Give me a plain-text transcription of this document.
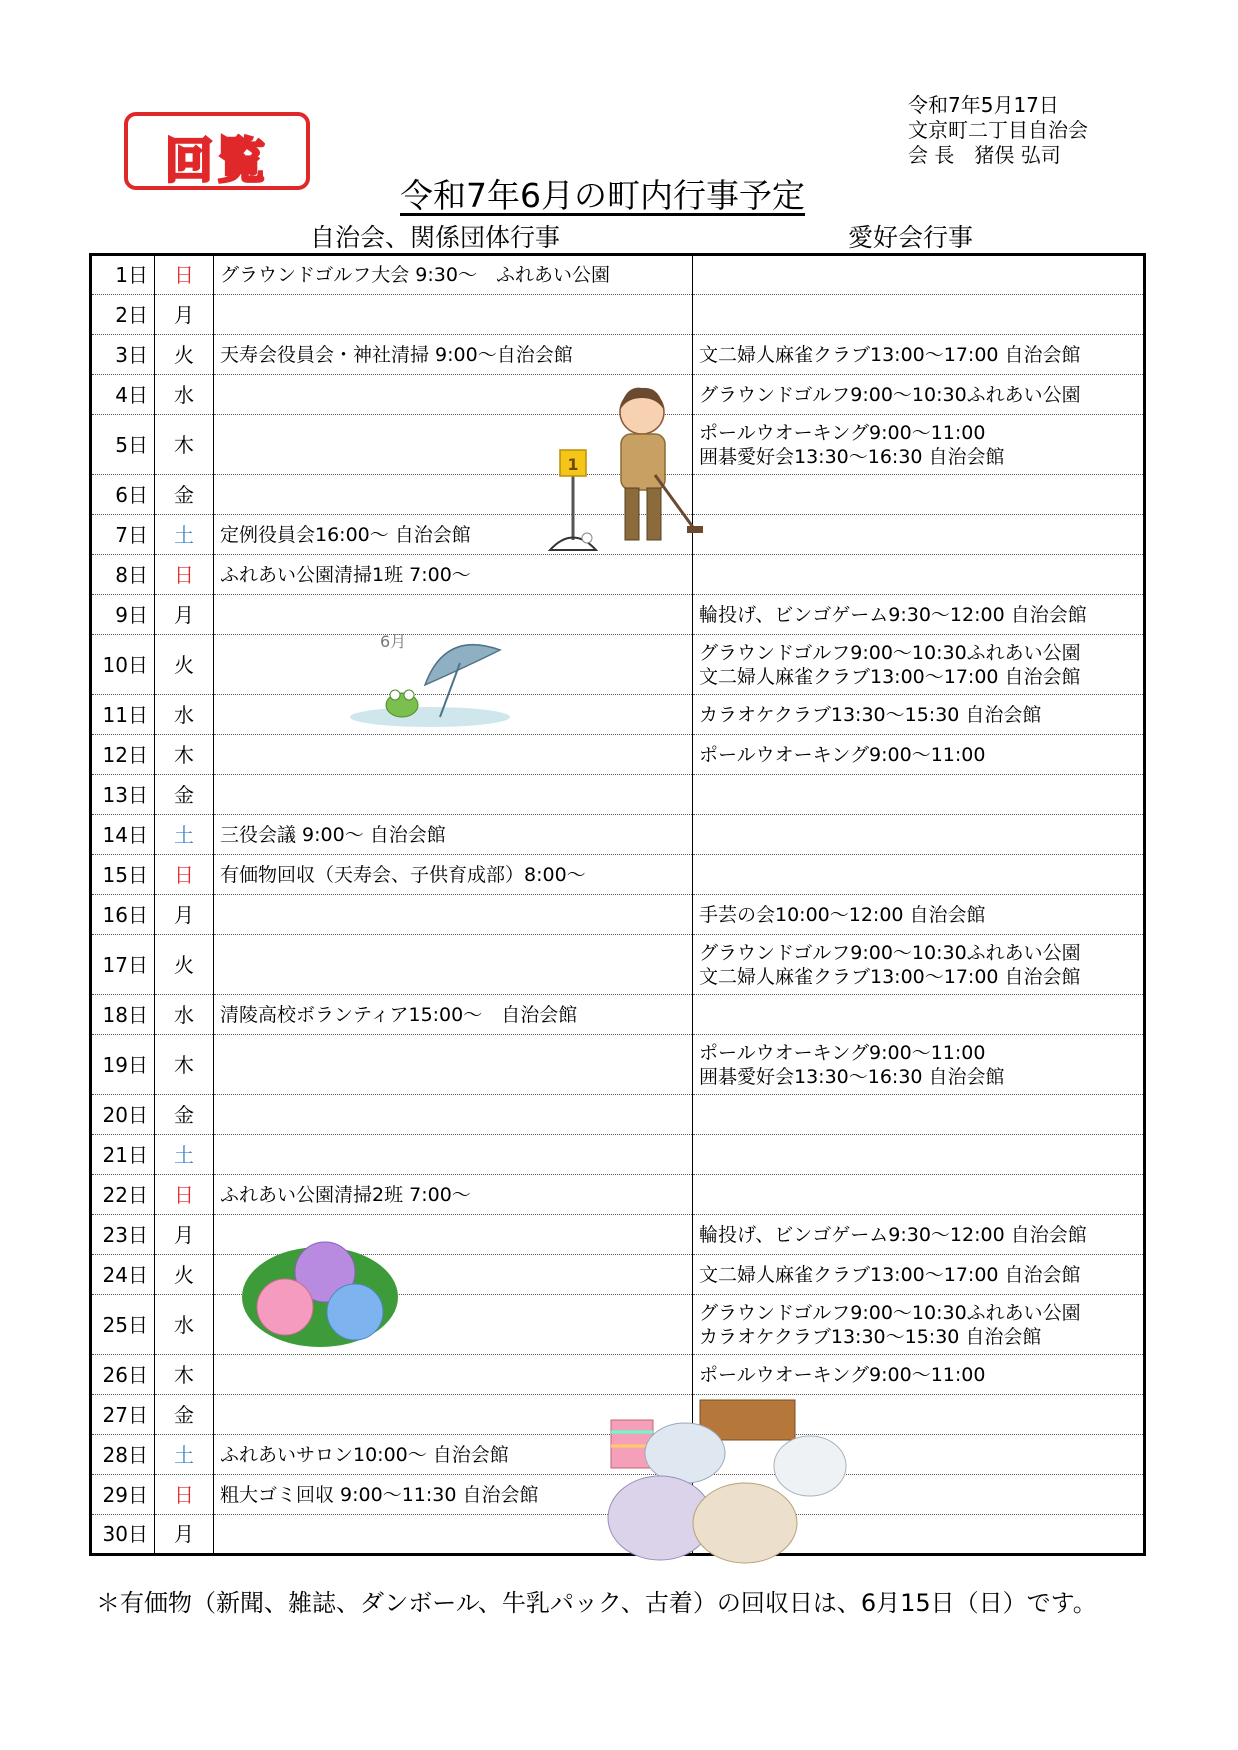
回覧
令和7年5月17日
文京町二丁目自治会
会 長　猪俣 弘司
令和7年6月の町内行事予定
自治会、関係団体行事	愛好会行事
1日	日	グラウンドゴルフ大会 9:30～　ふれあい公園	
2日	月		
3日	火	天寿会役員会・神社清掃 9:00～自治会館	文二婦人麻雀クラブ13:00～17:00 自治会館
4日	水		グラウンドゴルフ9:00～10:30ふれあい公園
5日	木		ポールウオーキング9:00～11:00
囲碁愛好会13:30～16:30 自治会館
6日	金		
7日	土	定例役員会16:00～ 自治会館	
8日	日	ふれあい公園清掃1班 7:00～	
9日	月		輪投げ、ビンゴゲーム9:30～12:00 自治会館
10日	火		グラウンドゴルフ9:00～10:30ふれあい公園
文二婦人麻雀クラブ13:00～17:00 自治会館
11日	水		カラオケクラブ13:30～15:30 自治会館
12日	木		ポールウオーキング9:00～11:00
13日	金		
14日	土	三役会議 9:00～ 自治会館	
15日	日	有価物回収（天寿会、子供育成部）8:00～	
16日	月		手芸の会10:00～12:00 自治会館
17日	火		グラウンドゴルフ9:00～10:30ふれあい公園
文二婦人麻雀クラブ13:00～17:00 自治会館
18日	水	清陵高校ボランティア15:00～　自治会館	
19日	木		ポールウオーキング9:00～11:00
囲碁愛好会13:30～16:30 自治会館
20日	金		
21日	土		
22日	日	ふれあい公園清掃2班 7:00～	
23日	月		輪投げ、ビンゴゲーム9:30～12:00 自治会館
24日	火		文二婦人麻雀クラブ13:00～17:00 自治会館
25日	水		グラウンドゴルフ9:00～10:30ふれあい公園
カラオケクラブ13:30～15:30 自治会館
26日	木		ポールウオーキング9:00～11:00
27日	金		
28日	土	ふれあいサロン10:00～ 自治会館	
29日	日	粗大ゴミ回収 9:00～11:30 自治会館	
30日	月		
1
6月
＊有価物（新聞、雑誌、ダンボール、牛乳パック、古着）の回収日は、6月15日（日）です。
